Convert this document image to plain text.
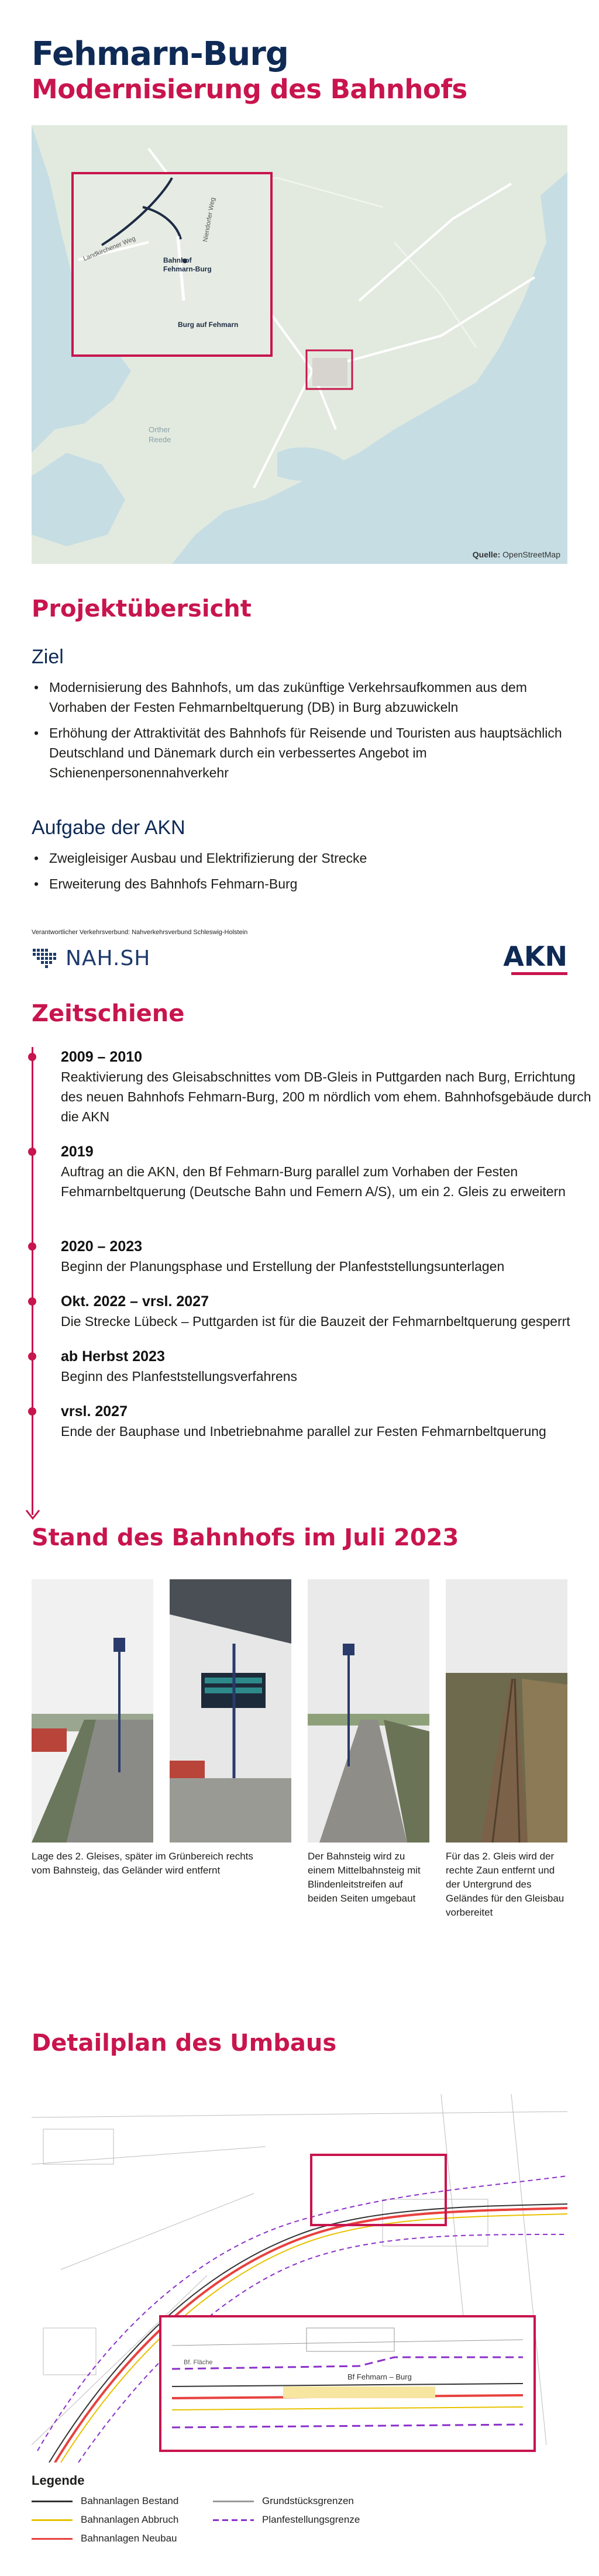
Fehmarn-Burg
Modernisierung des Bahnhofs
Landkirchener Weg
Niendorfer Weg
Bahnhof
Fehmarn-Burg
Burg auf Fehmarn
Orther
Reede
Quelle: OpenStreetMap
Projektübersicht
Ziel
• Modernisierung des Bahnhofs, um das zukünftige Verkehrsaufkommen aus dem Vorhaben der Festen Fehmarnbeltquerung (DB) in Burg abzuwickeln
• Erhöhung der Attraktivität des Bahnhofs für Reisende und Touristen aus hauptsächlich Deutschland und Dänemark durch ein verbessertes Angebot im Schienenpersonennahverkehr
Aufgabe der AKN
• Zweigleisiger Ausbau und Elektrifizierung der Strecke
• Erweiterung des Bahnhofs Fehmarn-Burg
Verantwortlicher Verkehrsverbund: Nahverkehrsverbund Schleswig-Holstein
NAH.SH	AKN
Zeitschiene
2009 – 2010
Reaktivierung des Gleisabschnittes vom DB-Gleis in Puttgarden nach Burg, Errichtung des neuen Bahnhofs Fehmarn-Burg, 200 m nördlich vom ehem. Bahnhofsgebäude durch die AKN
2019
Auftrag an die AKN, den Bf Fehmarn-Burg parallel zum Vorhaben der Festen Fehmarnbeltquerung (Deutsche Bahn und Femern A/S), um ein 2. Gleis zu erweitern
2020 – 2023
Beginn der Planungsphase und Erstellung der Planfeststellungsunterlagen
Okt. 2022 – vrsl. 2027
Die Strecke Lübeck – Puttgarden ist für die Bauzeit der Fehmarnbeltquerung gesperrt
ab Herbst 2023
Beginn des Planfeststellungsverfahrens
vrsl. 2027
Ende der Bauphase und Inbetriebnahme parallel zur Festen Fehmarnbeltquerung
Stand des Bahnhofs im Juli 2023
Lage des 2. Gleises, später im Grünbereich rechts vom Bahnsteig, das Geländer wird entfernt
Der Bahnsteig wird zu einem Mittelbahnsteig mit Blindenleitstreifen auf beiden Seiten umgebaut
Für das 2. Gleis wird der rechte Zaun entfernt und der Untergrund des Geländes für den Gleisbau vorbereitet
Detailplan des Umbaus
Bf Fehmarn – Burg
Bf. Fläche
Legende
Bahnanlagen Bestand
Bahnanlagen Abbruch
Bahnanlagen Neubau
Grundstücksgrenzen
Planfestellungsgrenze
